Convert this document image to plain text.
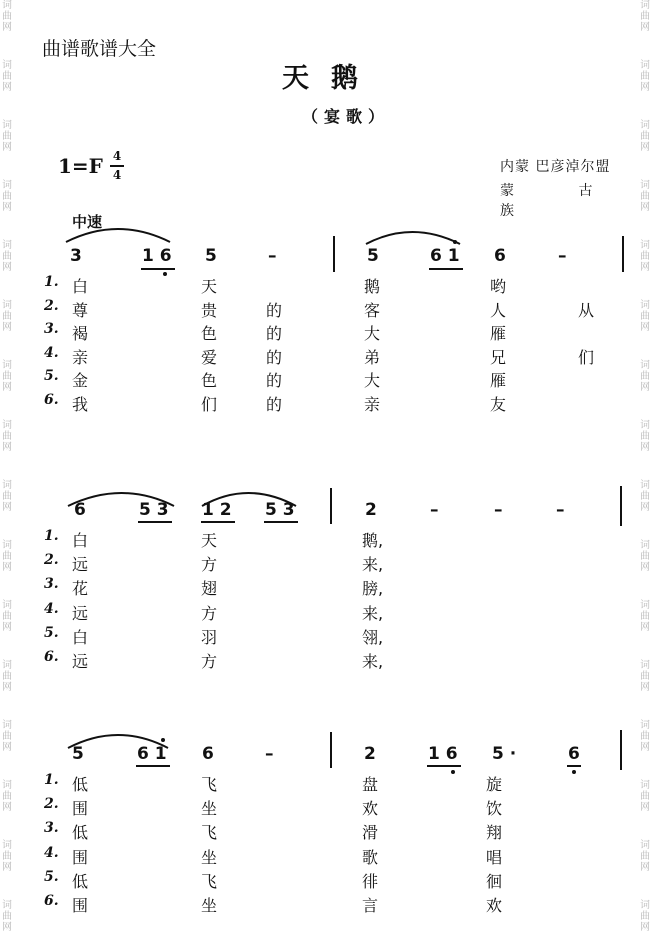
词
曲
网
词
曲
网
词
曲
网
词
曲
网
词
曲
网
词
曲
网
词
曲
网
词
曲
网
词
曲
网
词
曲
网
词
曲
网
词
曲
网
词
曲
网
词
曲
网
词
曲
网
词
曲
网
词
曲
网
词
曲
网
词
曲
网
词
曲
网
词
曲
网
词
曲
网
词
曲
网
词
曲
网
词
曲
网
词
曲
网
词
曲
网
词
曲
网
词
曲
网
词
曲
网
词
曲
网
词
曲
网
曲谱歌谱大全
天鹅
（宴歌）
1=F 4
4	内蒙 巴彦淖尔盟
蒙 古 族
中速
3	1 6 5	–	5	6 1 6	–
6	5 3 1 2 5 3	2	–	–	–
5	6 1 6	–	2	1 6 5 ·	6
1. 白	天	鹅	哟
2. 尊	贵	的	客	人	从
3. 褐	色	的	大	雁
4. 亲	爱	的	弟	兄	们
5. 金	色	的	大	雁
6. 我	们	的	亲	友
1. 白	天	鹅,
2. 远	方	来,
3. 花	翅	膀,
4. 远	方	来,
5. 白	羽	翎,
6. 远	方	来,
1. 低	飞	盘	旋
2. 围	坐	欢	饮
3. 低	飞	滑	翔
4. 围	坐	歌	唱
5. 低	飞	徘	徊
6. 围	坐	言	欢
